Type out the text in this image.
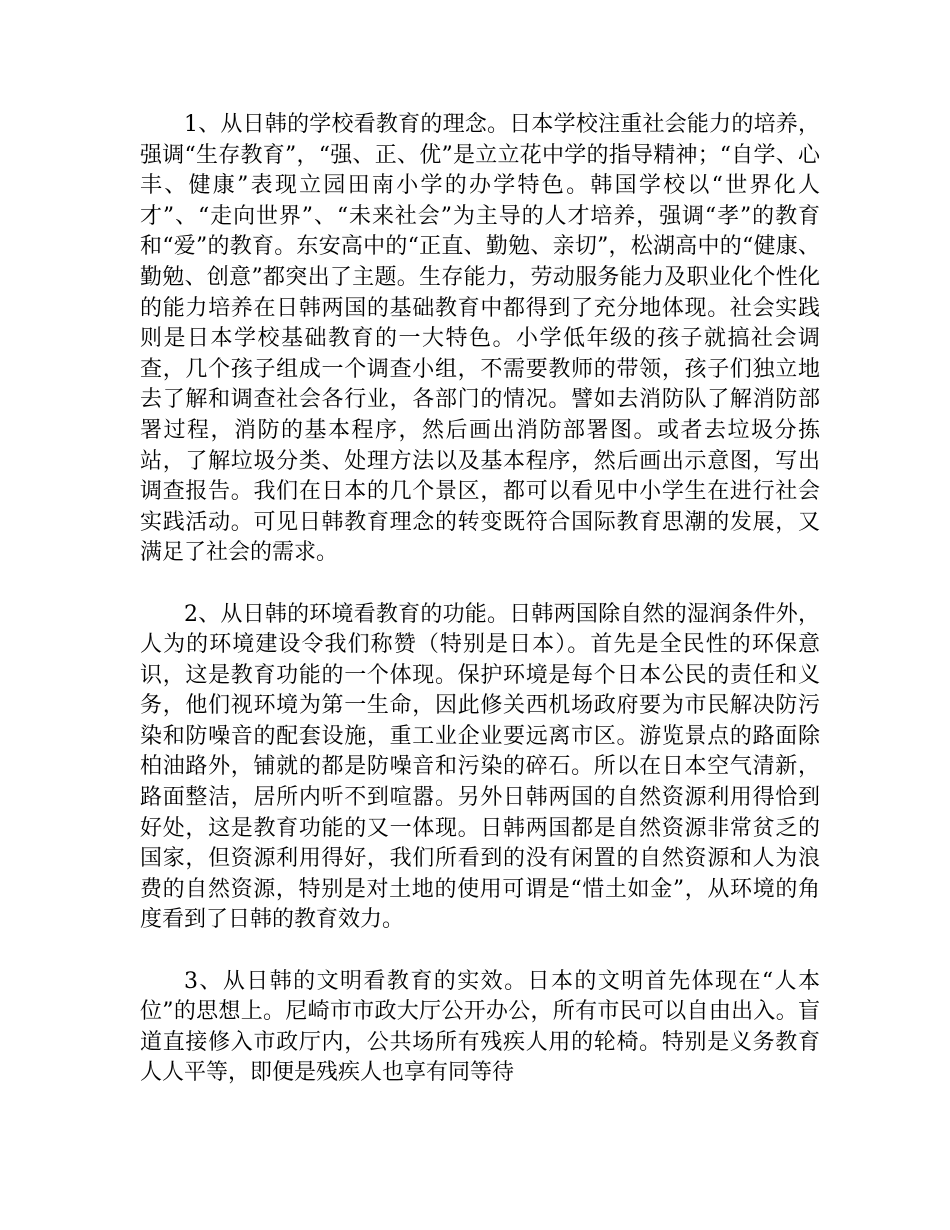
1、从日韩的学校看教育的理念。日本学校注重社会能力的培养，强调“生存教育”，“强、正、优”是立立花中学的指导精神；“自学、心丰、健康”表现立园田南小学的办学特色。韩国学校以“世界化人才”、“走向世界”、“未来社会”为主导的人才培养，强调“孝”的教育和“爱”的教育。东安高中的“正直、勤勉、亲切”，松湖高中的“健康、勤勉、创意”都突出了主题。生存能力，劳动服务能力及职业化个性化的能力培养在日韩两国的基础教育中都得到了充分地体现。社会实践则是日本学校基础教育的一大特色。小学低年级的孩子就搞社会调查，几个孩子组成一个调查小组，不需要教师的带领，孩子们独立地去了解和调查社会各行业，各部门的情况。譬如去消防队了解消防部署过程，消防的基本程序，然后画出消防部署图。或者去垃圾分拣站，了解垃圾分类、处理方法以及基本程序，然后画出示意图，写出调查报告。我们在日本的几个景区，都可以看见中小学生在进行社会实践活动。可见日韩教育理念的转变既符合国际教育思潮的发展，又满足了社会的需求。

2、从日韩的环境看教育的功能。日韩两国除自然的湿润条件外，人为的环境建设令我们称赞（特别是日本）。首先是全民性的环保意识，这是教育功能的一个体现。保护环境是每个日本公民的责任和义务，他们视环境为第一生命，因此修关西机场政府要为市民解决防污染和防噪音的配套设施，重工业企业要远离市区。游览景点的路面除柏油路外，铺就的都是防噪音和污染的碎石。所以在日本空气清新，路面整洁，居所内听不到喧嚣。另外日韩两国的自然资源利用得恰到好处，这是教育功能的又一体现。日韩两国都是自然资源非常贫乏的国家，但资源利用得好，我们所看到的没有闲置的自然资源和人为浪费的自然资源，特别是对土地的使用可谓是“惜土如金”，从环境的角度看到了日韩的教育效力。

3、从日韩的文明看教育的实效。日本的文明首先体现在“人本位”的思想上。尼崎市市政大厅公开办公，所有市民可以自由出入。盲道直接修入市政厅内，公共场所有残疾人用的轮椅。特别是义务教育人人平等，即便是残疾人也享有同等待
